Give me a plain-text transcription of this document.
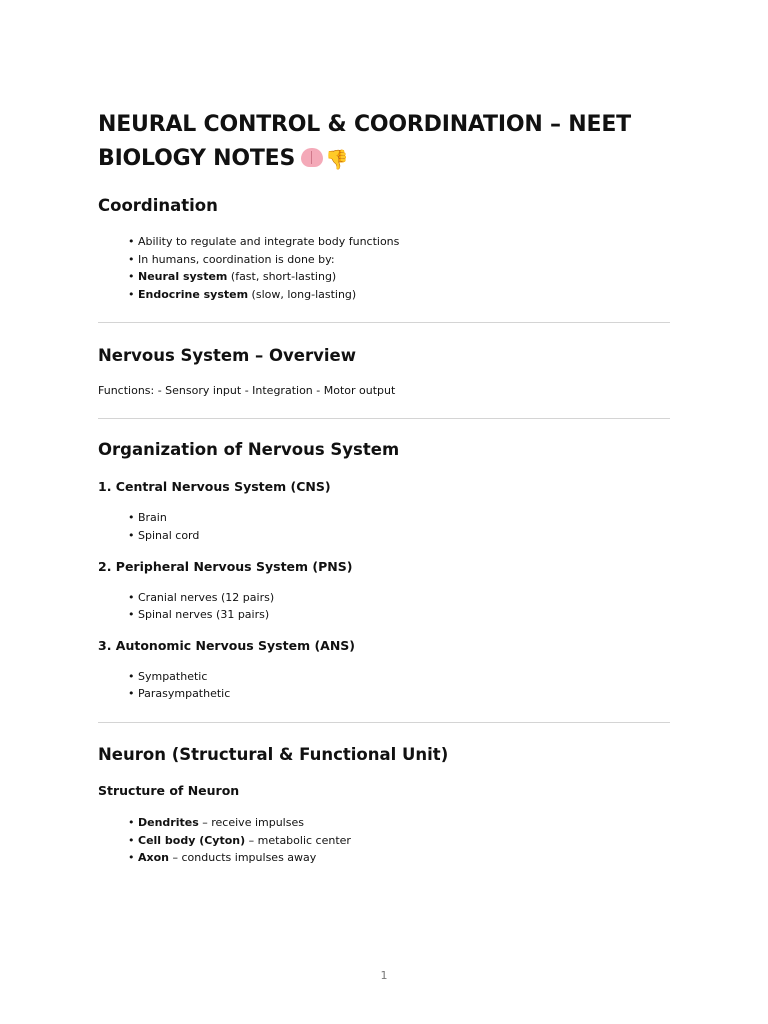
NEURAL CONTROL & COORDINATION – NEET BIOLOGY NOTES 👎
Coordination
• Ability to regulate and integrate body functions
• In humans, coordination is done by:
• Neural system (fast, short-lasting)
• Endocrine system (slow, long-lasting)
Nervous System – Overview

Functions: - Sensory input - Integration - Motor output

Organization of Nervous System
1. Central Nervous System (CNS)
• Brain
• Spinal cord
2. Peripheral Nervous System (PNS)
• Cranial nerves (12 pairs)
• Spinal nerves (31 pairs)
3. Autonomic Nervous System (ANS)
• Sympathetic
• Parasympathetic
Neuron (Structural & Functional Unit)
Structure of Neuron
• Dendrites – receive impulses
• Cell body (Cyton) – metabolic center
• Axon – conducts impulses away
1
